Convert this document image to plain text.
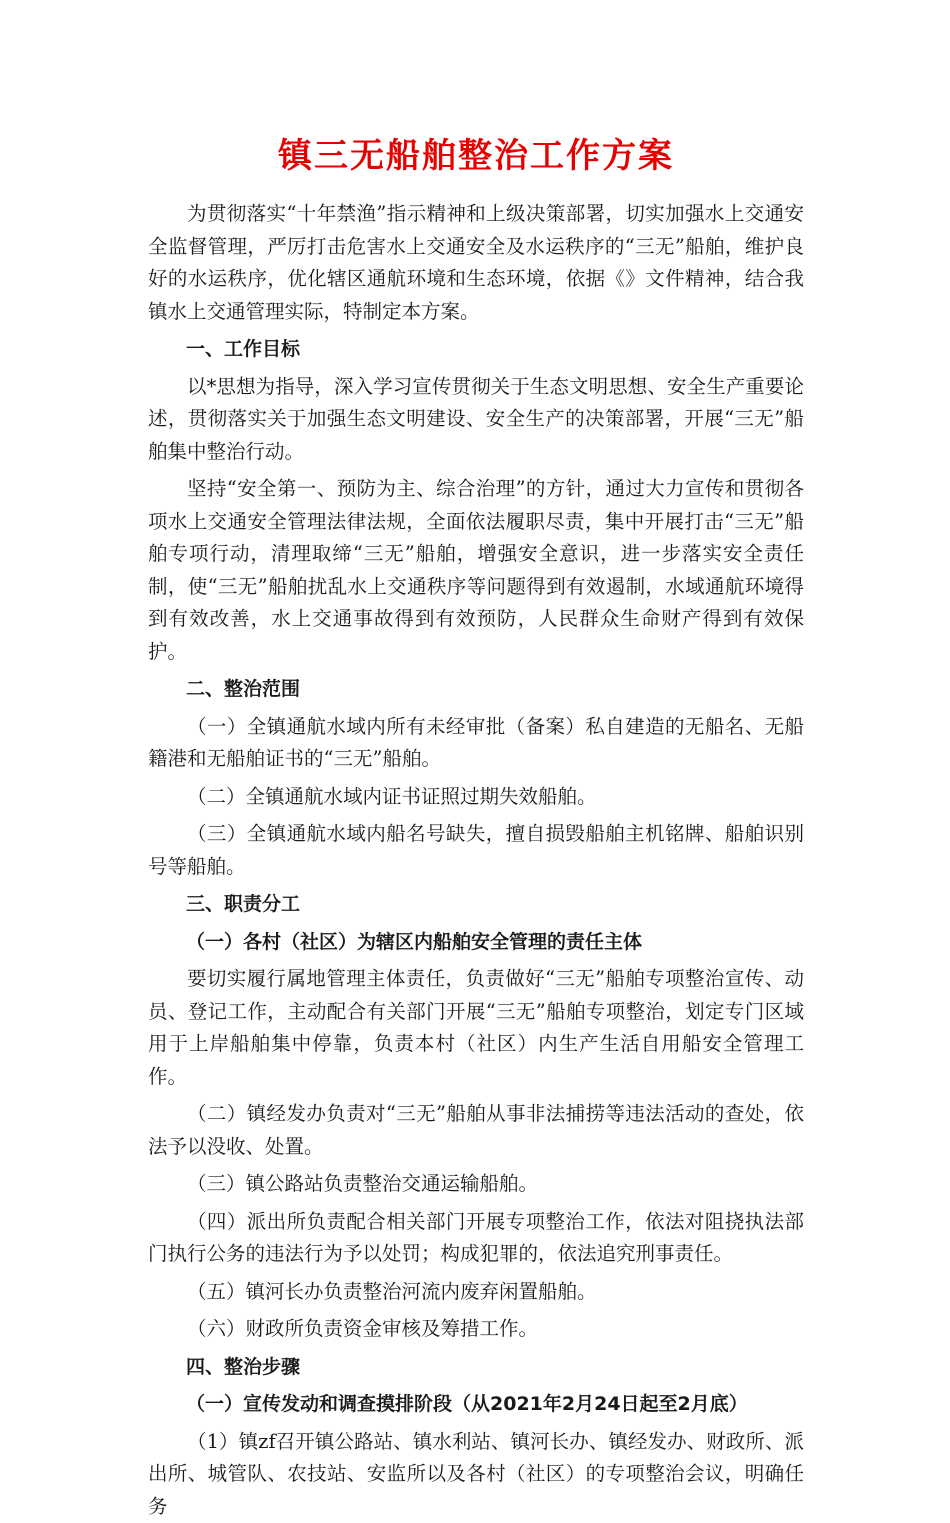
镇三无船舶整治工作方案

为贯彻落实“十年禁渔”指示精神和上级决策部署，切实加强水上交通安全监督管理，严厉打击危害水上交通安全及水运秩序的“三无”船舶，维护良好的水运秩序，优化辖区通航环境和生态环境，依据《》文件精神，结合我镇水上交通管理实际，特制定本方案。

一、工作目标

以*思想为指导，深入学习宣传贯彻关于生态文明思想、安全生产重要论述，贯彻落实关于加强生态文明建设、安全生产的决策部署，开展“三无”船舶集中整治行动。

坚持“安全第一、预防为主、综合治理”的方针，通过大力宣传和贯彻各项水上交通安全管理法律法规，全面依法履职尽责，集中开展打击“三无”船舶专项行动，清理取缔“三无”船舶，增强安全意识，进一步落实安全责任制，使“三无”船舶扰乱水上交通秩序等问题得到有效遏制，水域通航环境得到有效改善，水上交通事故得到有效预防，人民群众生命财产得到有效保护。

二、整治范围

（一）全镇通航水域内所有未经审批（备案）私自建造的无船名、无船籍港和无船舶证书的“三无”船舶。

（二）全镇通航水域内证书证照过期失效船舶。

（三）全镇通航水域内船名号缺失，擅自损毁船舶主机铭牌、船舶识别号等船舶。

三、职责分工

（一）各村（社区）为辖区内船舶安全管理的责任主体

要切实履行属地管理主体责任，负责做好“三无”船舶专项整治宣传、动员、登记工作，主动配合有关部门开展“三无”船舶专项整治，划定专门区域用于上岸船舶集中停靠，负责本村（社区）内生产生活自用船安全管理工作。

（二）镇经发办负责对“三无”船舶从事非法捕捞等违法活动的查处，依法予以没收、处置。

（三）镇公路站负责整治交通运输船舶。

（四）派出所负责配合相关部门开展专项整治工作，依法对阻挠执法部门执行公务的违法行为予以处罚；构成犯罪的，依法追究刑事责任。

（五）镇河长办负责整治河流内废弃闲置船舶。

（六）财政所负责资金审核及筹措工作。

四、整治步骤

（一）宣传发动和调查摸排阶段（从2021年2月24日起至2月底）

（1）镇zf召开镇公路站、镇水利站、镇河长办、镇经发办、财政所、派出所、城管队、农技站、安监所以及各村（社区）的专项整治会议，明确任务
